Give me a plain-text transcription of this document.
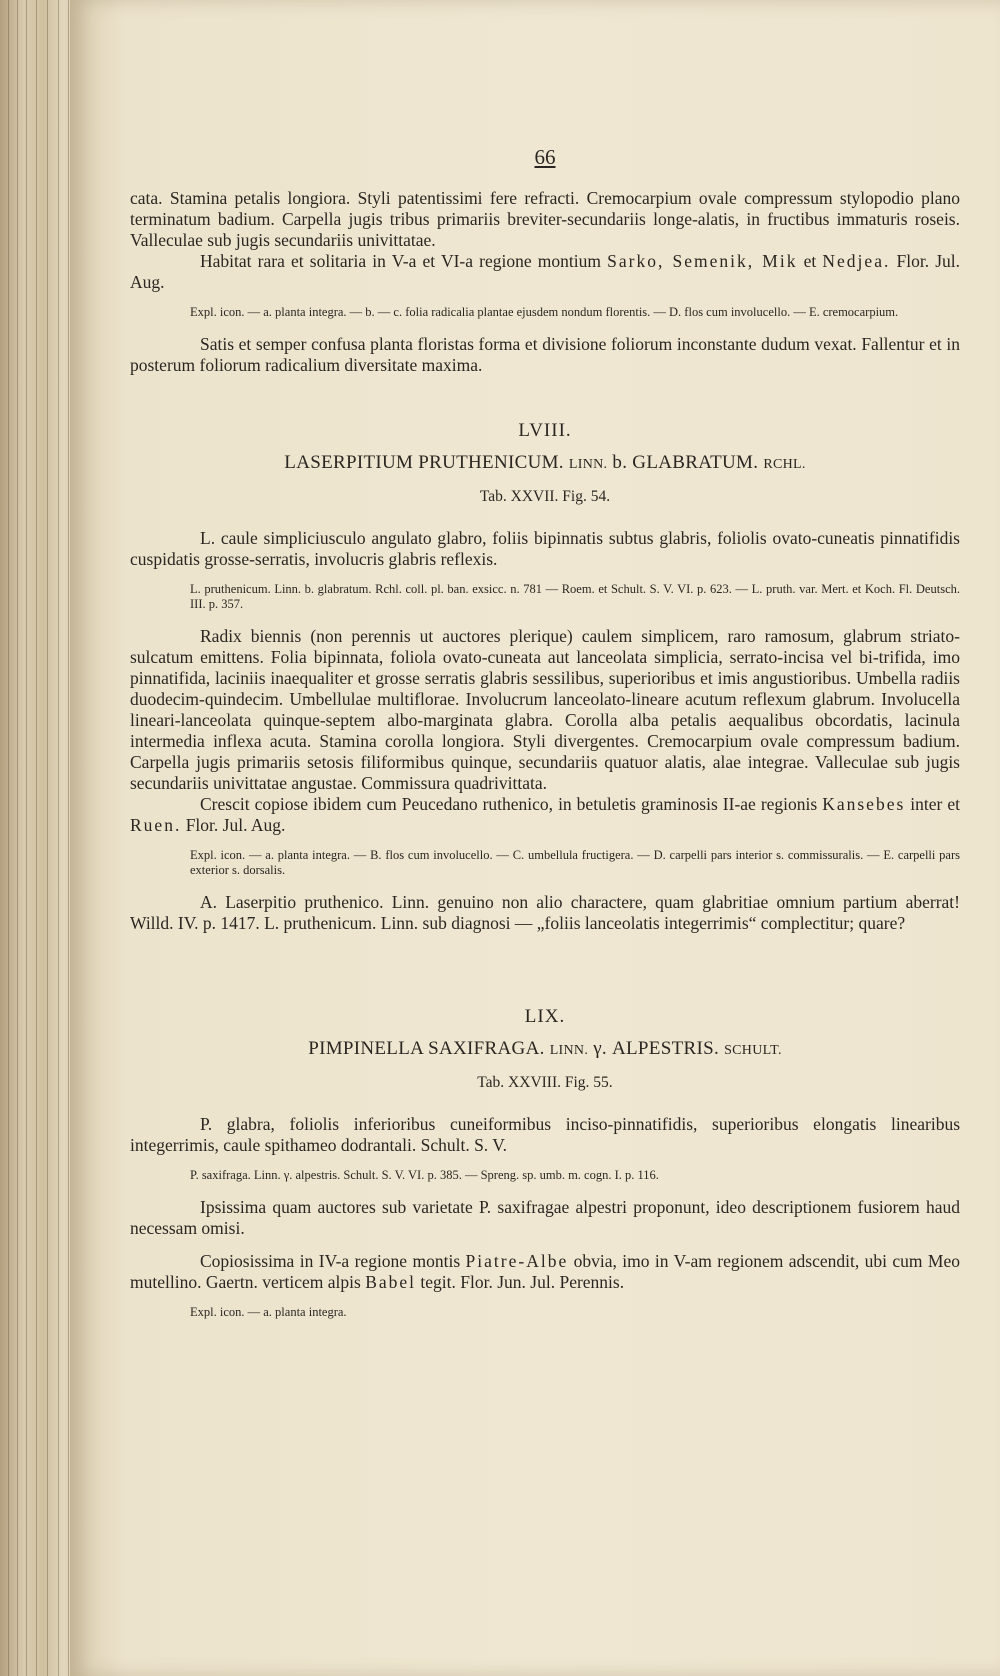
66

cata. Stamina petalis longiora. Styli patentissimi fere refracti. Cremocarpium ovale compressum stylopodio plano terminatum badium. Carpella jugis tribus primariis breviter-secundariis longe-alatis, in fructibus immaturis roseis. Valleculae sub jugis secundariis univittatae.

Habitat rara et solitaria in V-a et VI-a regione montium Sarko, Semenik, Mik et Nedjea. Flor. Jul. Aug.

Expl. icon. — a. planta integra. — b. — c. folia radicalia plantae ejusdem nondum florentis. — D. flos cum involucello. — E. cremocarpium.

Satis et semper confusa planta floristas forma et divisione foliorum inconstante dudum vexat. Fallentur et in posterum foliorum radicalium diversitate maxima.

LVIII.
LASERPITIUM PRUTHENICUM. LINN. b. GLABRATUM. RCHL.
Tab. XXVII. Fig. 54.

L. caule simpliciusculo angulato glabro, foliis bipinnatis subtus glabris, foliolis ovato-cuneatis pinnatifidis cuspidatis grosse-serratis, involucris glabris reflexis.

L. pruthenicum. Linn. b. glabratum. Rchl. coll. pl. ban. exsicc. n. 781 — Roem. et Schult. S. V. VI. p. 623. — L. pruth. var. Mert. et Koch. Fl. Deutsch. III. p. 357.

Radix biennis (non perennis ut auctores plerique) caulem simplicem, raro ramosum, glabrum striato-sulcatum emittens. Folia bipinnata, foliola ovato-cuneata aut lanceolata simplicia, serrato-incisa vel bi-trifida, imo pinnatifida, laciniis inaequaliter et grosse serratis glabris sessilibus, superioribus et imis angustioribus. Umbella radiis duodecim-quindecim. Umbellulae multiflorae. Involucrum lanceolato-lineare acutum reflexum glabrum. Involucella lineari-lanceolata quinque-septem albo-marginata glabra. Corolla alba petalis aequalibus obcordatis, lacinula intermedia inflexa acuta. Stamina corolla longiora. Styli divergentes. Cremocarpium ovale compressum badium. Carpella jugis primariis setosis filiformibus quinque, secundariis quatuor alatis, alae integrae. Valleculae sub jugis secundariis univittatae angustae. Commissura quadrivittata.

Crescit copiose ibidem cum Peucedano ruthenico, in betuletis graminosis II-ae regionis Kansebes inter et Ruen. Flor. Jul. Aug.

Expl. icon. — a. planta integra. — B. flos cum involucello. — C. umbellula fructigera. — D. carpelli pars interior s. commissuralis. — E. carpelli pars exterior s. dorsalis.

A. Laserpitio pruthenico. Linn. genuino non alio charactere, quam glabritiae omnium partium aberrat! Willd. IV. p. 1417. L. pruthenicum. Linn. sub diagnosi — „foliis lanceolatis integerrimis“ complectitur; quare?

LIX.
PIMPINELLA SAXIFRAGA. LINN. γ. ALPESTRIS. SCHULT.
Tab. XXVIII. Fig. 55.

P. glabra, foliolis inferioribus cuneiformibus inciso-pinnatifidis, superioribus elongatis linearibus integerrimis, caule spithameo dodrantali. Schult. S. V.

P. saxifraga. Linn. γ. alpestris. Schult. S. V. VI. p. 385. — Spreng. sp. umb. m. cogn. I. p. 116.

Ipsissima quam auctores sub varietate P. saxifragae alpestri proponunt, ideo descriptionem fusiorem haud necessam omisi.

Copiosissima in IV-a regione montis Piatre-Albe obvia, imo in V-am regionem adscendit, ubi cum Meo mutellino. Gaertn. verticem alpis Babel tegit. Flor. Jun. Jul. Perennis.

Expl. icon. — a. planta integra.
